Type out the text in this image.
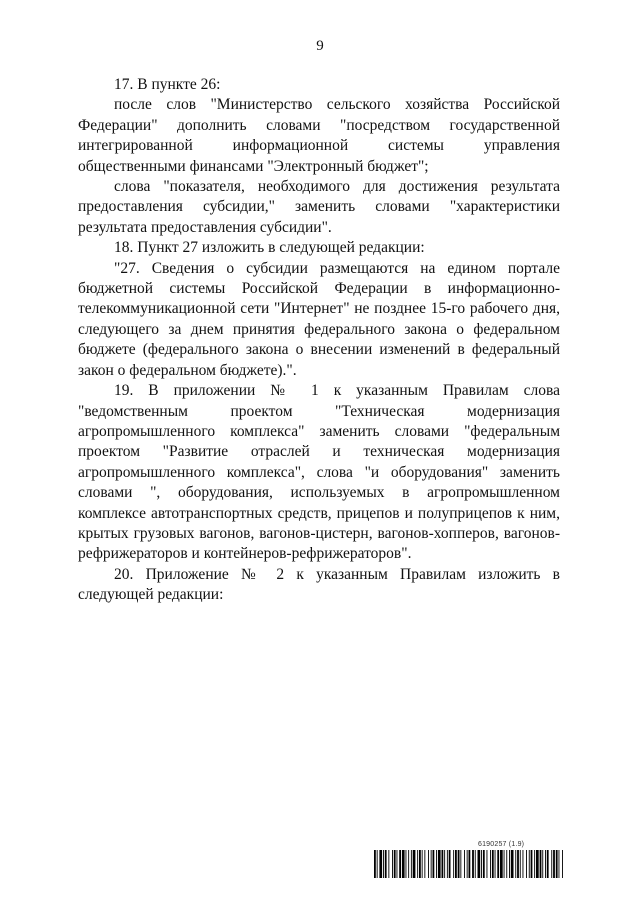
9

17. В пункте 26:

после слов "Министерство сельского хозяйства Российской Федерации" дополнить словами "посредством государственной интегрированной информационной системы управления общественными финансами "Электронный бюджет";

слова "показателя, необходимого для достижения результата предоставления субсидии," заменить словами "характеристики результата предоставления субсидии".

18. Пункт 27 изложить в следующей редакции:

"27. Сведения о субсидии размещаются на едином портале бюджетной системы Российской Федерации в информационно-телекоммуникационной сети "Интернет" не позднее 15-го рабочего дня, следующего за днем принятия федерального закона о федеральном бюджете (федерального закона о внесении изменений в федеральный закон о федеральном бюджете).".

19. В приложении № 1 к указанным Правилам слова "ведомственным проектом "Техническая модернизация агропромышленного комплекса" заменить словами "федеральным проектом "Развитие отраслей и техническая модернизация агропромышленного комплекса", слова "и оборудования" заменить словами ", оборудования, используемых в агропромышленном комплексе автотранспортных средств, прицепов и полуприцепов к ним, крытых грузовых вагонов, вагонов-цистерн, вагонов-хопперов, вагонов-рефрижераторов и контейнеров-рефрижераторов".

20. Приложение № 2 к указанным Правилам изложить в следующей редакции:

6190257 (1.9)
